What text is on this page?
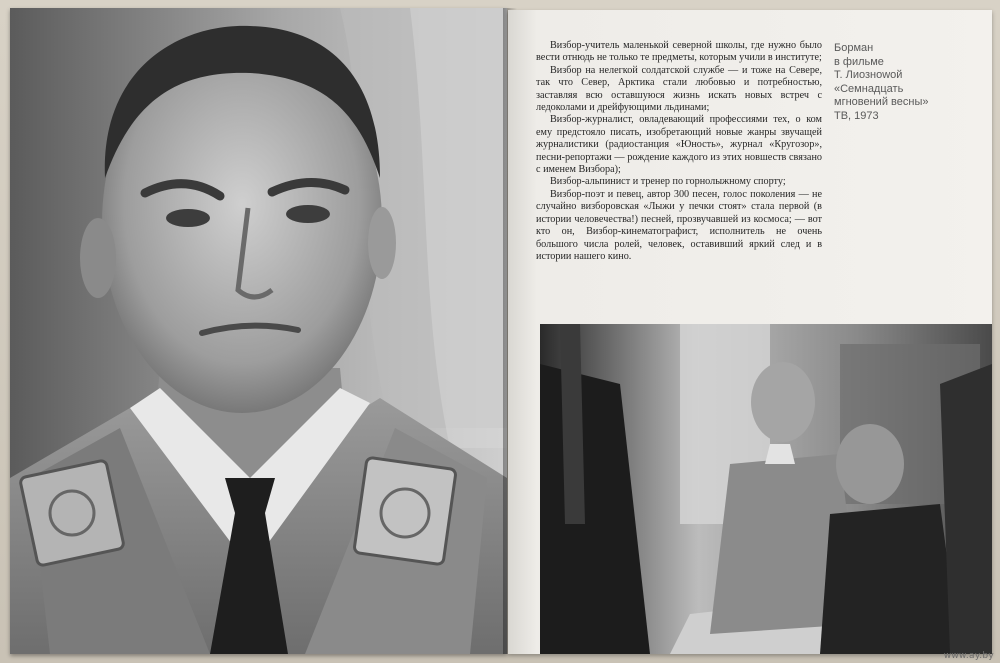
Визбор-учитель маленькой северной школы, где нужно было вести отнюдь не только те предметы, которым учили в институте;

Визбор на нелегкой солдатской службе — и тоже на Севере, так что Север, Арктика стали любовью и потребностью, заставляя всю оставшуюся жизнь искать новых встреч с ледоколами и дрейфующими льдинами;

Визбор-журналист, овладевающий профессиями тех, о ком ему предстояло писать, изобретающий новые жанры звучащей журналистики (радиостанция «Юность», журнал «Кругозор», песни-репортажи — рождение каждого из этих новшеств связано с именем Визбора);

Визбор-альпинист и тренер по горнолыжному спорту;

Визбор-поэт и певец, автор 300 песен, голос поколения — не случайно визборовская «Лыжи у печки стоят» стала первой (в истории человечества!) песней, прозвучавшей из космоса; — вот кто он, Визбор-кинематографист, исполнитель не очень большого числа ролей, человек, оставивший яркий след и в истории нашего кино.

Борман
в фильме
Т. Лиознowой
«Семнадцать
мгновений весны»
ТВ, 1973
www.ay.by
